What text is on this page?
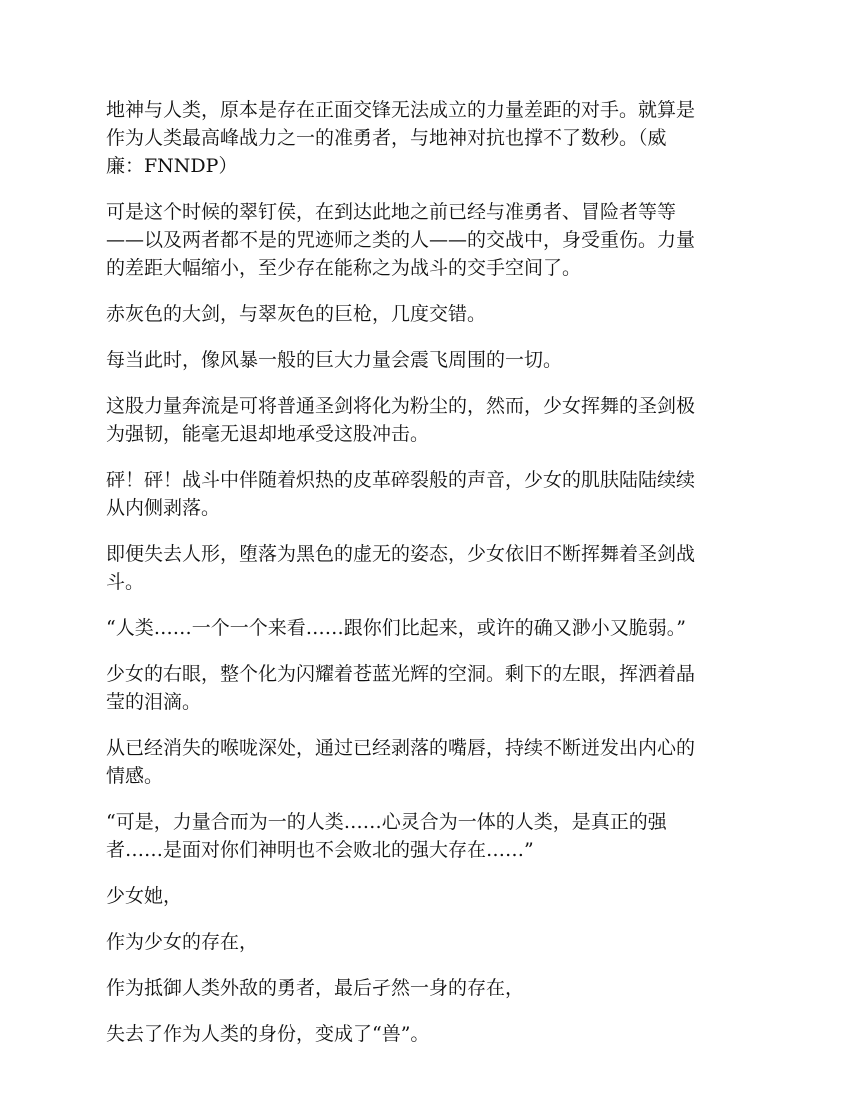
地神与人类，原本是存在正面交锋无法成立的力量差距的对手。就算是
作为人类最高峰战力之一的准勇者，与地神对抗也撑不了数秒。（威
廉：FNNDP）

可是这个时候的翠钉侯，在到达此地之前已经与准勇者、冒险者等等
——以及两者都不是的咒迹师之类的人——的交战中，身受重伤。力量
的差距大幅缩小，至少存在能称之为战斗的交手空间了。

赤灰色的大剑，与翠灰色的巨枪，几度交错。

每当此时，像风暴一般的巨大力量会震飞周围的一切。

这股力量奔流是可将普通圣剑将化为粉尘的，然而，少女挥舞的圣剑极
为强韧，能毫无退却地承受这股冲击。

砰！砰！战斗中伴随着炽热的皮革碎裂般的声音，少女的肌肤陆陆续续
从内侧剥落。

即便失去人形，堕落为黑色的虚无的姿态，少女依旧不断挥舞着圣剑战
斗。

“人类……一个一个来看……跟你们比起来，或许的确又渺小又脆弱。”

少女的右眼，整个化为闪耀着苍蓝光辉的空洞。剩下的左眼，挥洒着晶
莹的泪滴。

从已经消失的喉咙深处，通过已经剥落的嘴唇，持续不断迸发出内心的
情感。

“可是，力量合而为一的人类……心灵合为一体的人类，是真正的强
者……是面对你们神明也不会败北的强大存在……”

少女她，

作为少女的存在，

作为抵御人类外敌的勇者，最后孑然一身的存在，

失去了作为人类的身份，变成了“兽”。
